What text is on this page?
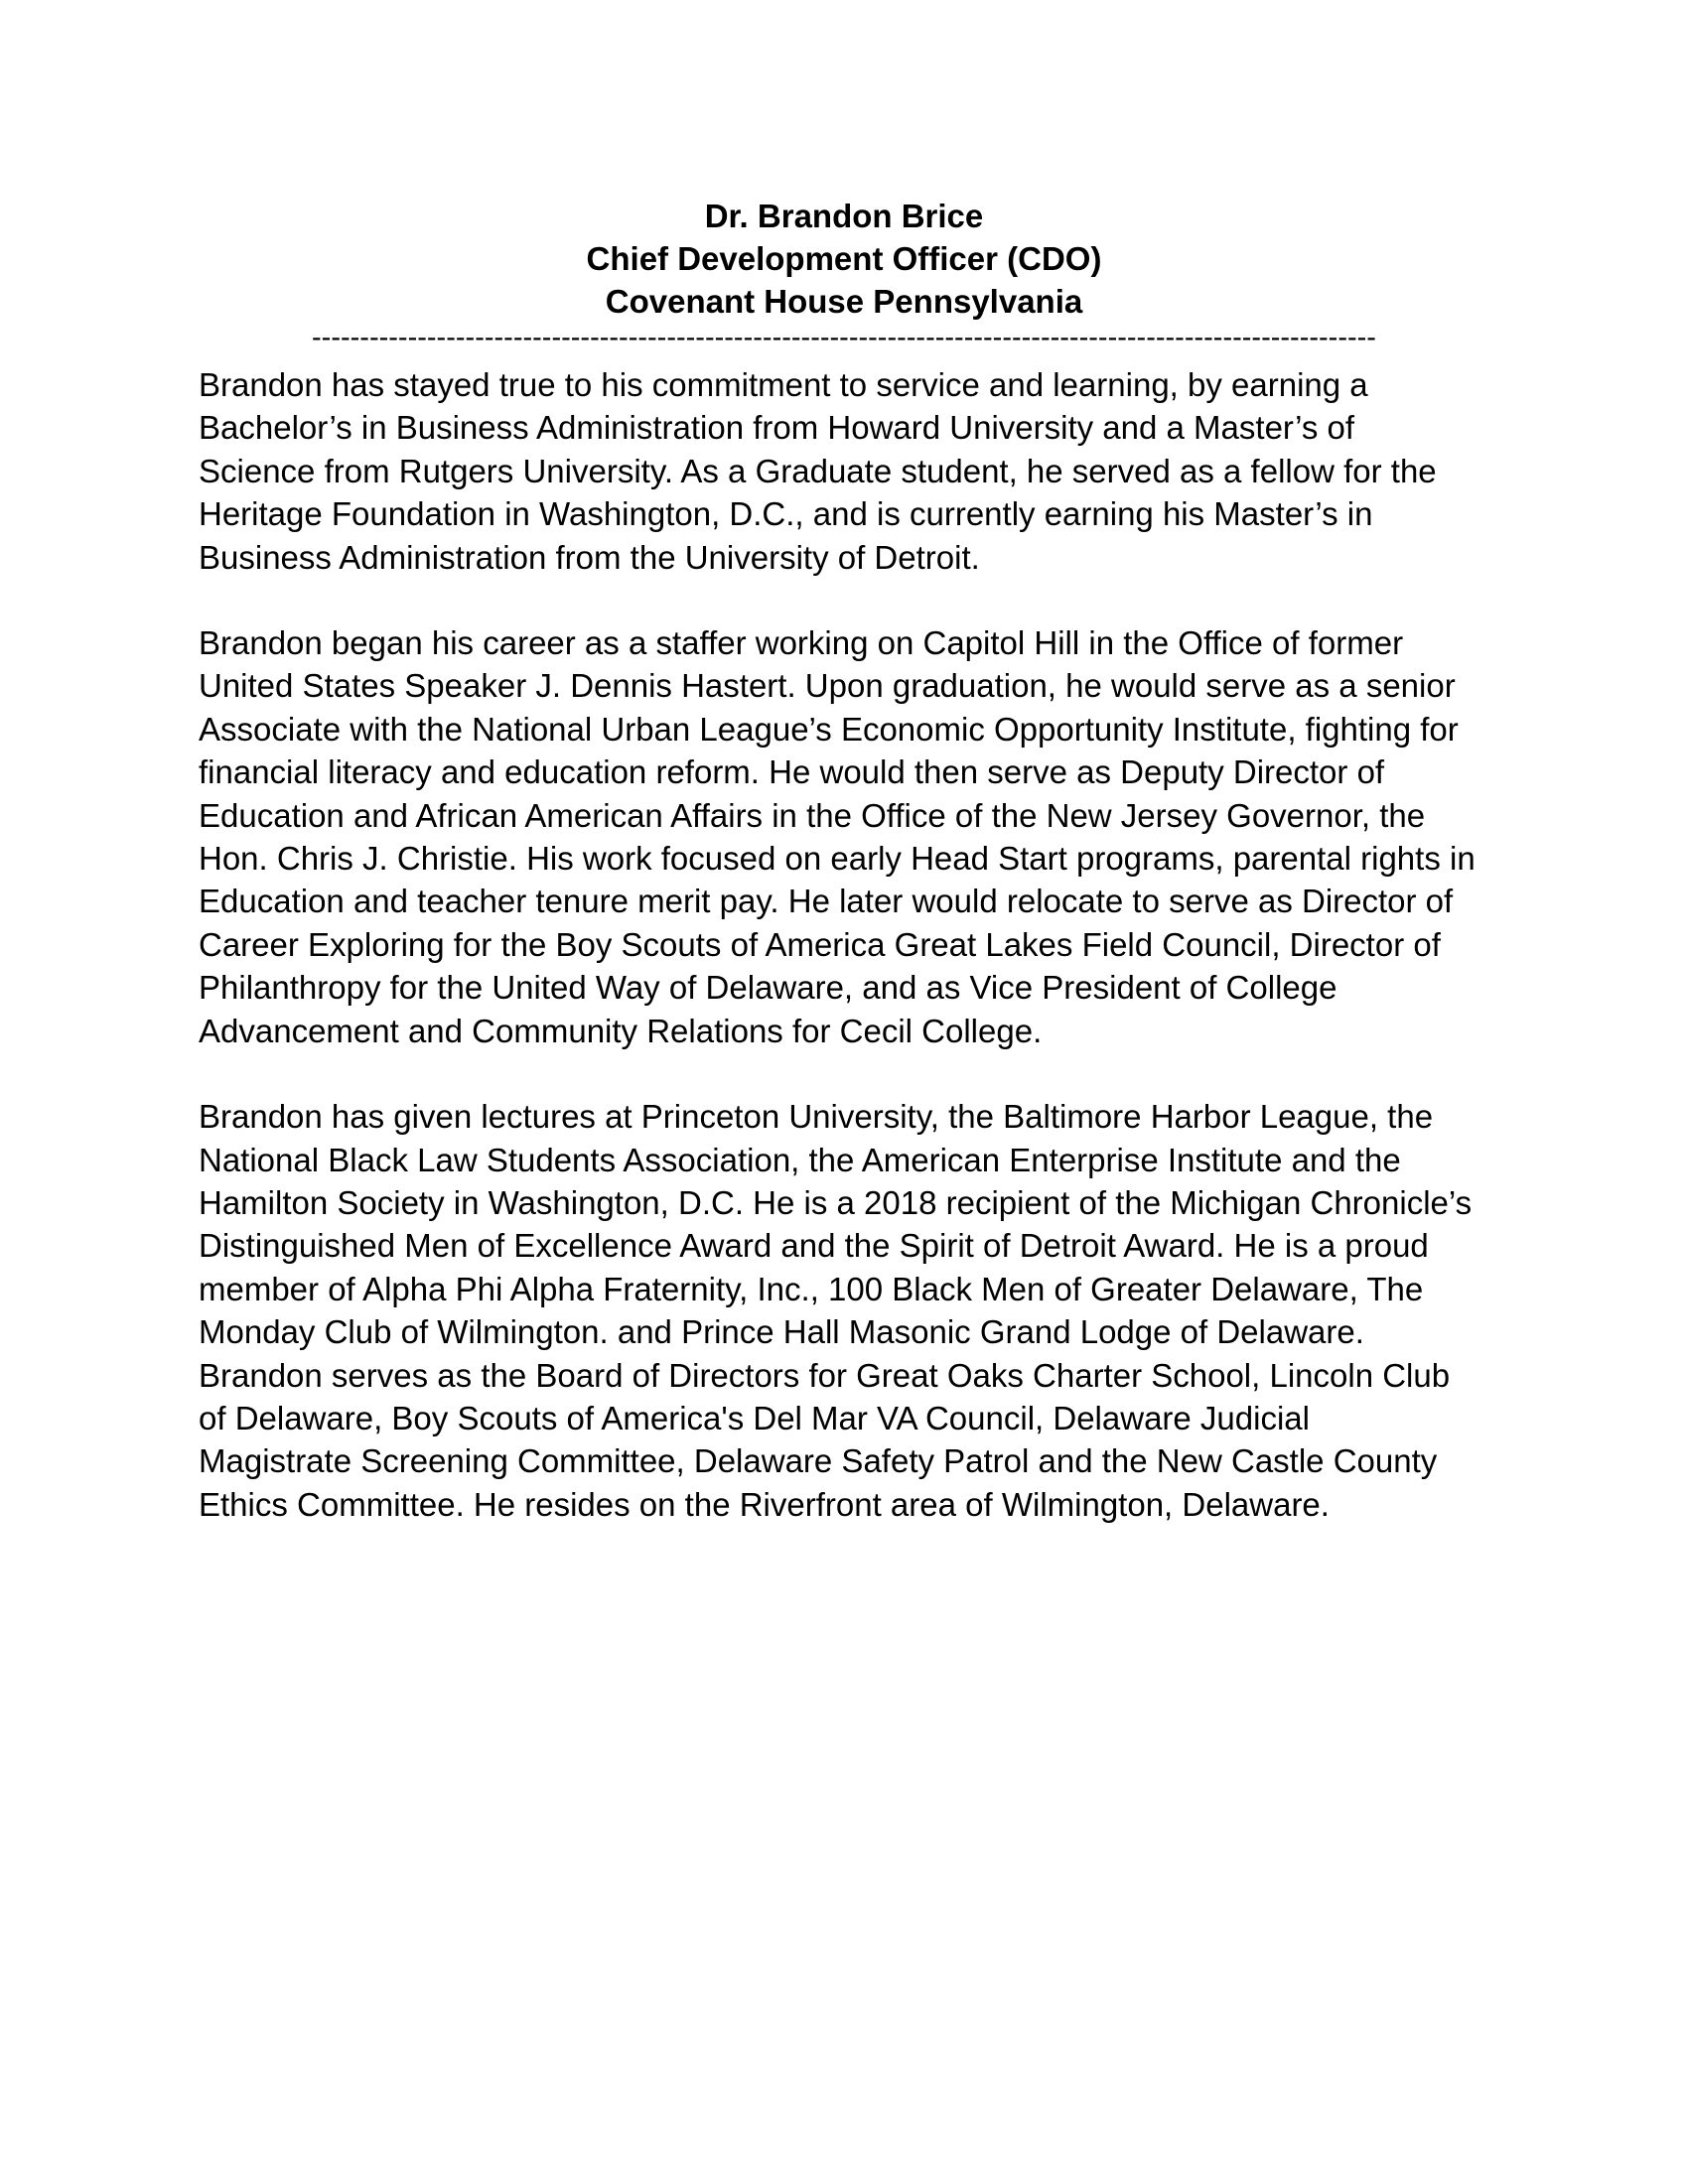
Dr. Brandon Brice
Chief Development Officer (CDO)
Covenant House Pennsylvania
---------------------------------------------------------------------------------------------------------------
Brandon has stayed true to his commitment to service and learning, by earning a
Bachelor’s in Business Administration from Howard University and a Master’s of
Science from Rutgers University. As a Graduate student, he served as a fellow for the
Heritage Foundation in Washington, D.C., and is currently earning his Master’s in
Business Administration from the University of Detroit.
Brandon began his career as a staffer working on Capitol Hill in the Office of former
United States Speaker J. Dennis Hastert. Upon graduation, he would serve as a senior
Associate with the National Urban League’s Economic Opportunity Institute, fighting for
financial literacy and education reform. He would then serve as Deputy Director of
Education and African American Affairs in the Office of the New Jersey Governor, the
Hon. Chris J. Christie. His work focused on early Head Start programs, parental rights in
Education and teacher tenure merit pay. He later would relocate to serve as Director of
Career Exploring for the Boy Scouts of America Great Lakes Field Council, Director of
Philanthropy for the United Way of Delaware, and as Vice President of College
Advancement and Community Relations for Cecil College.
Brandon has given lectures at Princeton University, the Baltimore Harbor League, the
National Black Law Students Association, the American Enterprise Institute and the
Hamilton Society in Washington, D.C. He is a 2018 recipient of the Michigan Chronicle’s
Distinguished Men of Excellence Award and the Spirit of Detroit Award. He is a proud
member of Alpha Phi Alpha Fraternity, Inc., 100 Black Men of Greater Delaware, The
Monday Club of Wilmington. and Prince Hall Masonic Grand Lodge of Delaware.
Brandon serves as the Board of Directors for Great Oaks Charter School, Lincoln Club
of Delaware, Boy Scouts of America's Del Mar VA Council, Delaware Judicial
Magistrate Screening Committee, Delaware Safety Patrol and the New Castle County
Ethics Committee. He resides on the Riverfront area of Wilmington, Delaware.
